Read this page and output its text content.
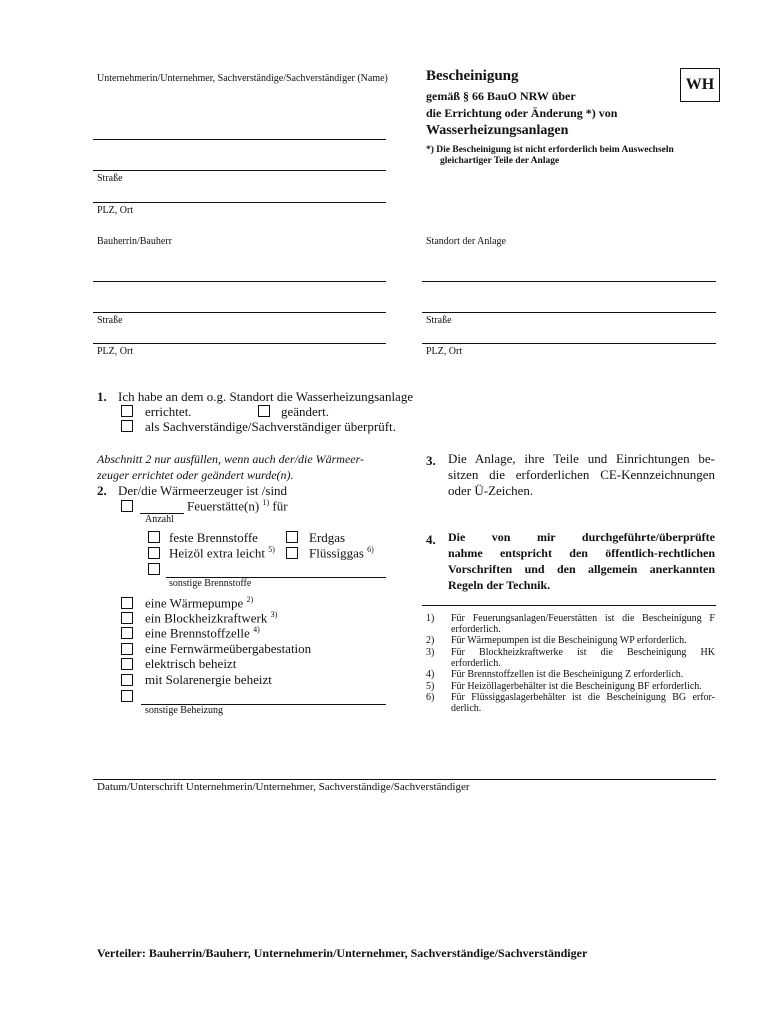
Unternehmerin/Unternehmer, Sachverständige/Sachverständiger (Name)	Bescheinigung
gemäß § 66 BauO NRW über
die Errichtung oder Änderung *) von
Wasserheizungsanlagen
*) Die Bescheinigung ist nicht erforderlich beim Auswechseln
gleichartiger Teile der Anlage
WH
Straße
PLZ, Ort
Bauherrin/Bauherr	Standort der Anlage
Straße	Straße
PLZ, Ort	PLZ, Ort
1. Ich habe an dem o.g. Standort die Wasserheizungsanlage
errichtet.	geändert.
als Sachverständige/Sachverständiger überprüft.
Abschnitt 2 nur ausfüllen, wenn auch der/die Wärmeer-
zeuger errichtet oder geändert wurde(n).
2. Der/die Wärmeerzeuger ist /sind
Feuerstätte(n) $^{1)}$ für
Anzahl
feste Brennstoffe	Erdgas
Heizöl extra leicht $^{5)}$	Flüssiggas $^{6)}$
sonstige Brennstoffe
eine Wärmepumpe $^{2)}$
ein Blockheizkraftwerk $^{3)}$
eine Brennstoffzelle $^{4)}$
eine Fernwärmeübergabestation
elektrisch beheizt
mit Solarenergie beheizt
sonstige Beheizung
3. Die Anlage, ihre Teile und Einrichtungen be-
sitzen die erforderlichen CE-Kennzeichnungen
oder Ü-Zeichen.
4. Die von mir durchgeführte/überprüfte
nahme entspricht den öffentlich-rechtlichen
Vorschriften und den allgemein anerkannten
Regeln der Technik.
1) Für Feuerungsanlagen/Feuerstätten ist die Bescheinigung F
erforderlich.
2) Für Wärmepumpen ist die Bescheinigung WP erforderlich.
3) Für Blockheizkraftwerke ist die Bescheinigung HK
erforderlich.
4) Für Brennstoffzellen ist die Bescheinigung Z erforderlich.
5) Für Heizöllagerbehälter ist die Bescheinigung BF erforderlich.
6) Für Flüssiggaslagerbehälter ist die Bescheinigung BG erfor-
derlich.
Datum/Unterschrift Unternehmerin/Unternehmer, Sachverständige/Sachverständiger
Verteiler: Bauherrin/Bauherr, Unternehmerin/Unternehmer, Sachverständige/Sachverständiger
